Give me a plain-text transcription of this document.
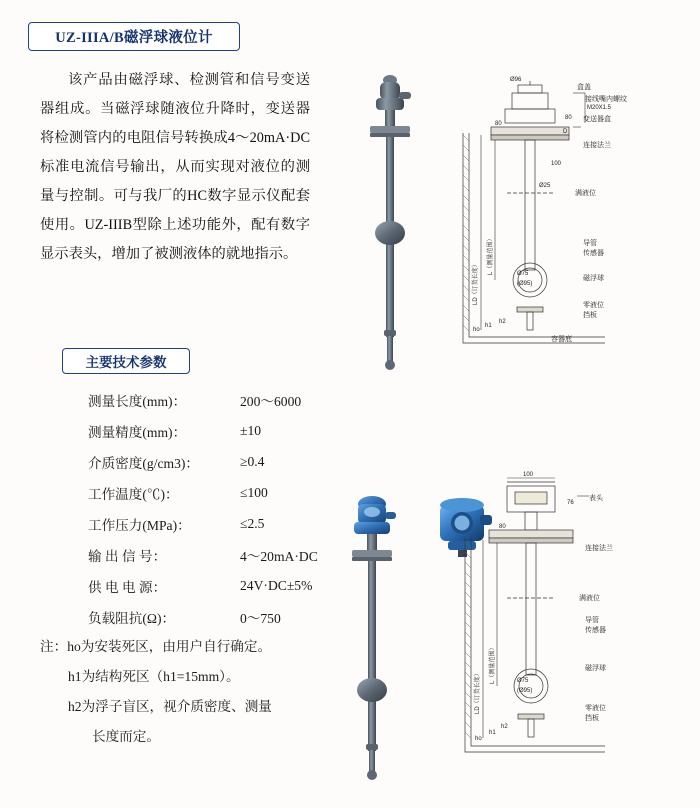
UZ-IIIA/B磁浮球液位计
该产品由磁浮球、检测管和信号变送器组成。当磁浮球随液位升降时，变送器将检测管内的电阻信号转换成4～20mA·DC标准电流信号输出，从而实现对液位的测量与控制。可与我厂的HC数字显示仪配套使用。UZ-IIIB型除上述功能外，配有数字显示表头，增加了被测液体的就地指示。
主要技术参数
测量长度(mm)：	200～6000
测量精度(mm)：	±10
介质密度(g/cm3)：	≥0.4
工作温度(℃)：	≤100
工作压力(MPa)：	≤2.5
输 出 信 号：	4～20mA·DC
供 电 电 源：	24V·DC±5%
负载阻抗(Ω)：	0～750
注： ho为安装死区，由用户自行确定。
h1为结构死区（h1=15mm）。
h2为浮子盲区，视介质密度、测量
长度而定。
Ø96
盒盖
接线嘴内螺纹
M20X1.5
变送器盒
连接法兰
满液位
导管
传感器
磁浮球
零液位
挡板
容器底
80
80
100
Ø25
D
Ø75
(Ø95)
h2
h1
ho
LD（订货长度）
L（测量范围）
100
76
80
Ø75
(Ø95)
h2
h1
ho
LD（订货长度）
L（测量范围）
表头
连接法兰
满液位
导管
传感器
磁浮球
零液位
挡板
